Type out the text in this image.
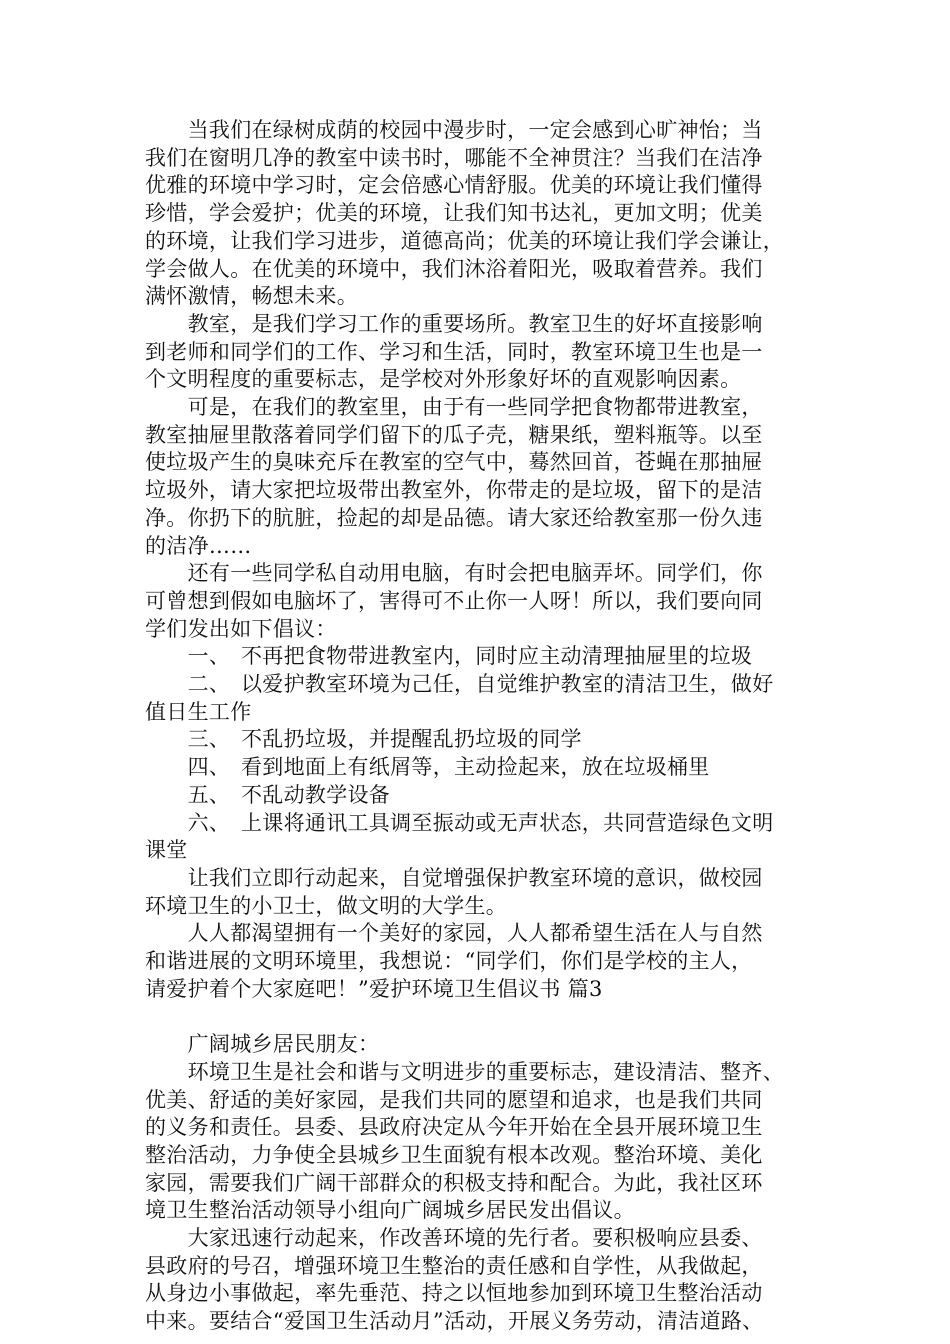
　　当我们在绿树成荫的校园中漫步时，一定会感到心旷神怡；当
我们在窗明几净的教室中读书时，哪能不全神贯注？当我们在洁净
优雅的环境中学习时，定会倍感心情舒服。优美的环境让我们懂得
珍惜，学会爱护；优美的环境，让我们知书达礼，更加文明；优美
的环境，让我们学习进步，道德高尚；优美的环境让我们学会谦让，
学会做人。在优美的环境中，我们沐浴着阳光，吸取着营养。我们
满怀激情，畅想未来。
　　教室，是我们学习工作的重要场所。教室卫生的好坏直接影响
到老师和同学们的工作、学习和生活，同时，教室环境卫生也是一
个文明程度的重要标志，是学校对外形象好坏的直观影响因素。
　　可是，在我们的教室里，由于有一些同学把食物都带进教室，
教室抽屉里散落着同学们留下的瓜子壳，糖果纸，塑料瓶等。以至
使垃圾产生的臭味充斥在教室的空气中，蓦然回首，苍蝇在那抽屉
垃圾外，请大家把垃圾带出教室外，你带走的是垃圾，留下的是洁
净。你扔下的肮脏，捡起的却是品德。请大家还给教室那一份久违
的洁净……
　　还有一些同学私自动用电脑，有时会把电脑弄坏。同学们，你
可曾想到假如电脑坏了，害得可不止你一人呀！所以，我们要向同
学们发出如下倡议：
　　一、　不再把食物带进教室内，同时应主动清理抽屉里的垃圾
　　二、　以爱护教室环境为己任，自觉维护教室的清洁卫生，做好
值日生工作
　　三、　不乱扔垃圾，并提醒乱扔垃圾的同学
　　四、　看到地面上有纸屑等，主动捡起来，放在垃圾桶里
　　五、　不乱动教学设备
　　六、　上课将通讯工具调至振动或无声状态，共同营造绿色文明
课堂
　　让我们立即行动起来，自觉增强保护教室环境的意识，做校园
环境卫生的小卫士，做文明的大学生。
　　人人都渴望拥有一个美好的家园，人人都希望生活在人与自然
和谐进展的文明环境里，我想说：“同学们，你们是学校的主人，
请爱护着个大家庭吧！”爱护环境卫生倡议书 篇3
　　广阔城乡居民朋友：
　　环境卫生是社会和谐与文明进步的重要标志，建设清洁、整齐、
优美、舒适的美好家园，是我们共同的愿望和追求，也是我们共同
的义务和责任。县委、县政府决定从今年开始在全县开展环境卫生
整治活动，力争使全县城乡卫生面貌有根本改观。整治环境、美化
家园，需要我们广阔干部群众的积极支持和配合。为此，我社区环
境卫生整治活动领导小组向广阔城乡居民发出倡议。
　　大家迅速行动起来，作改善环境的先行者。要积极响应县委、
县政府的号召，增强环境卫生整治的责任感和自学性，从我做起，
从身边小事做起，率先垂范、持之以恒地参加到环境卫生整治活动
中来。要结合“爱国卫生活动月”活动，开展义务劳动，清洁道路、
